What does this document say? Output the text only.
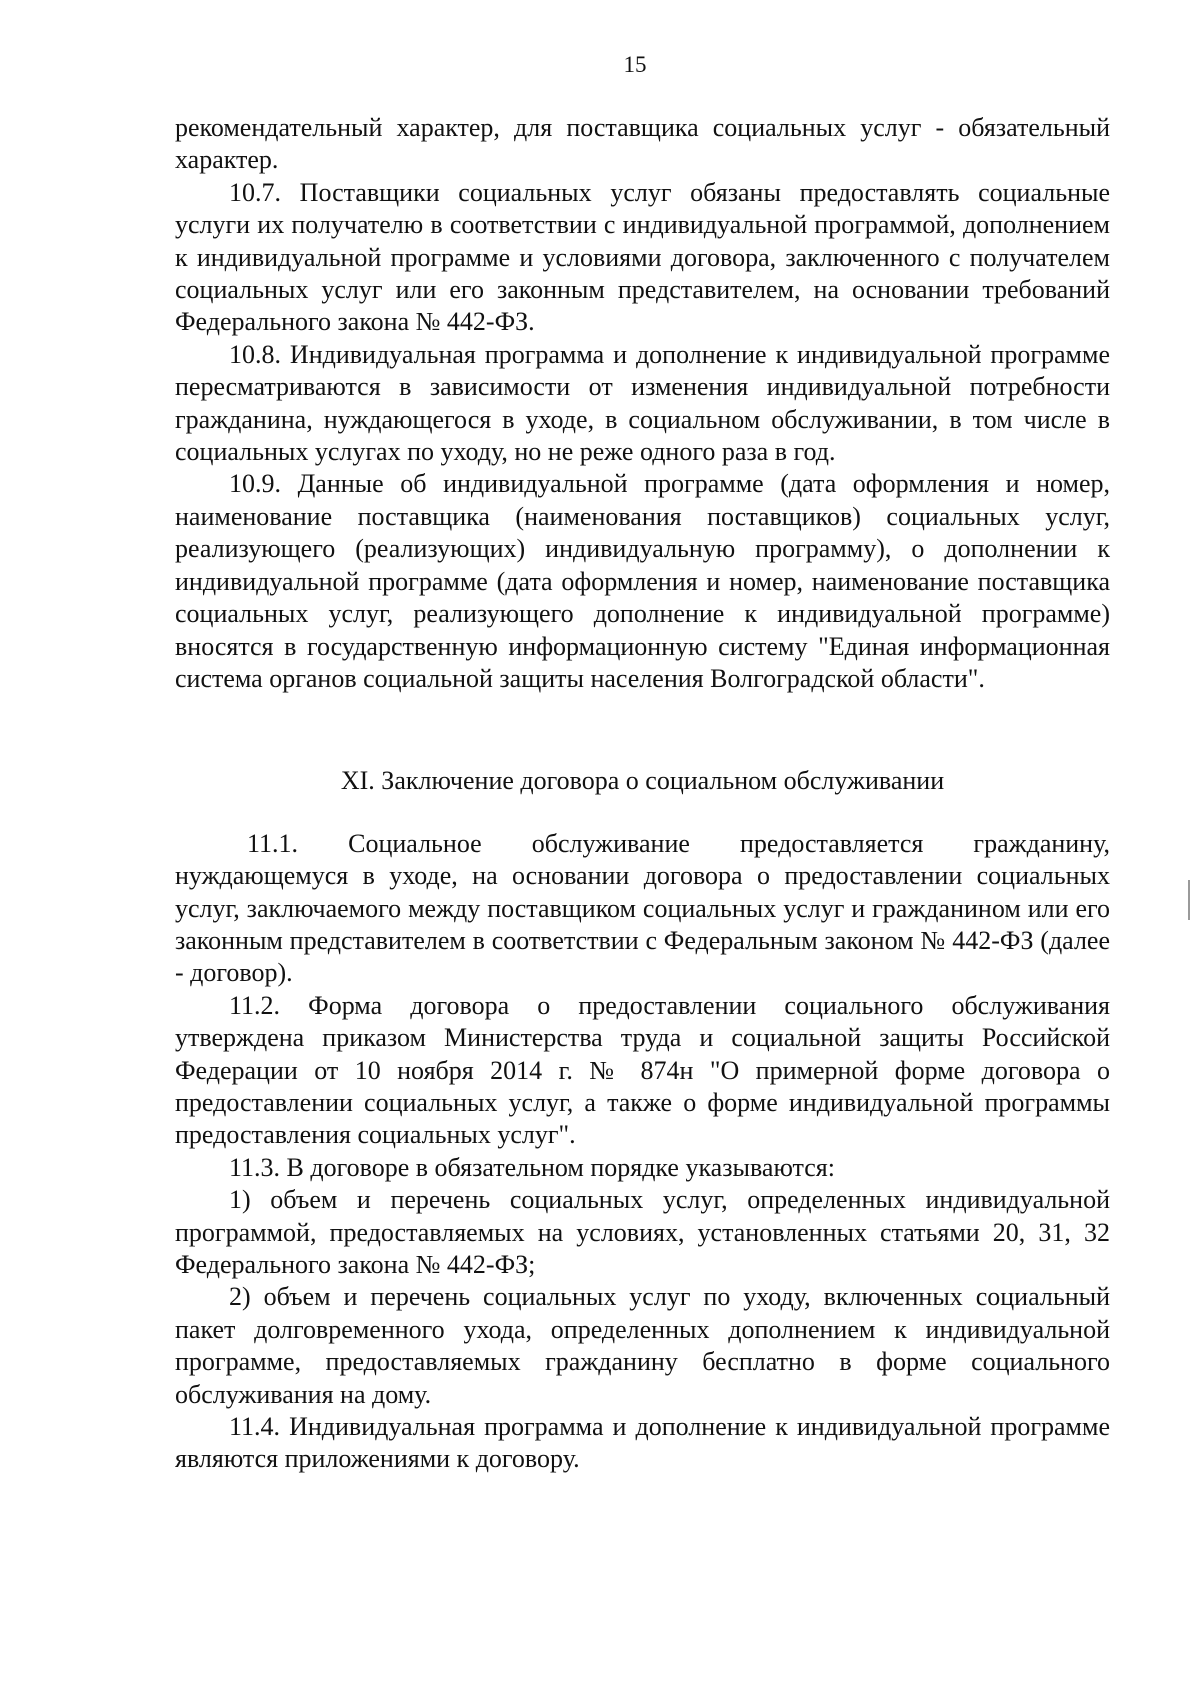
15

рекомендательный характер, для поставщика социальных услуг - обязательный характер.

10.7. Поставщики социальных услуг обязаны предоставлять социальные услуги их получателю в соответствии с индивидуальной программой, дополнением к индивидуальной программе и условиями договора, заключенного с получателем социальных услуг или его законным представителем, на основании требований Федерального закона № 442-ФЗ.

10.8. Индивидуальная программа и дополнение к индивидуальной программе пересматриваются в зависимости от изменения индивидуальной потребности гражданина, нуждающегося в уходе, в социальном обслуживании, в том числе в социальных услугах по уходу, но не реже одного раза в год.

10.9. Данные об индивидуальной программе (дата оформления и номер, наименование поставщика (наименования поставщиков) социальных услуг, реализующего (реализующих) индивидуальную программу), о дополнении к индивидуальной программе (дата оформления и номер, наименование поставщика социальных услуг, реализующего дополнение к индивидуальной программе) вносятся в государственную информационную систему "Единая информационная система органов социальной защиты населения Волгоградской области".

XI. Заключение договора о социальном обслуживании

11.1. Социальное обслуживание предоставляется гражданину, нуждающемуся в уходе, на основании договора о предоставлении социальных услуг, заключаемого между поставщиком социальных услуг и гражданином или его законным представителем в соответствии с Федеральным законом № 442-ФЗ (далее - договор).

11.2. Форма договора о предоставлении социального обслуживания утверждена приказом Министерства труда и социальной защиты Российской Федерации от 10 ноября 2014 г. № 874н "О примерной форме договора о предоставлении социальных услуг, а также о форме индивидуальной программы предоставления социальных услуг".

11.3. В договоре в обязательном порядке указываются:

1) объем и перечень социальных услуг, определенных индивидуальной программой, предоставляемых на условиях, установленных статьями 20, 31, 32 Федерального закона № 442-ФЗ;

2) объем и перечень социальных услуг по уходу, включенных социальный пакет долговременного ухода, определенных дополнением к индивидуальной программе, предоставляемых гражданину бесплатно в форме социального обслуживания на дому.

11.4. Индивидуальная программа и дополнение к индивидуальной программе являются приложениями к договору.
